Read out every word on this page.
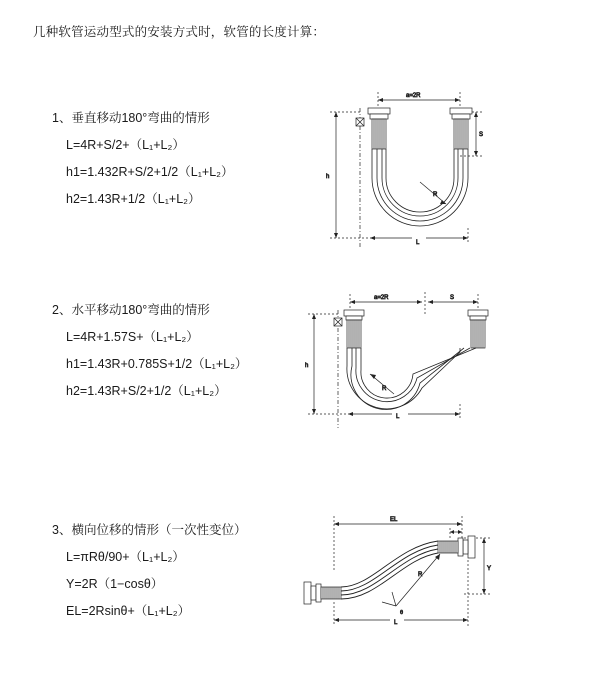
几种软管运动型式的安装方式时，软管的长度计算：
1、垂直移动180°弯曲的情形
L=4R+S/2+（L₁+L₂）
h1=1.432R+S/2+1/2（L₁+L₂）
h2=1.43R+1/2（L₁+L₂）
a=2R
S
h
R
L
2、水平移动180°弯曲的情形
L=4R+1.57S+（L₁+L₂）
h1=1.43R+0.785S+1/2（L₁+L₂）
h2=1.43R+S/2+1/2（L₁+L₂）
a=2R	S
h
R
L
3、横向位移的情形（一次性变位）
L=πRθ/90+（L₁+L₂）
Y=2R（1−cosθ）
EL=2Rsinθ+（L₁+L₂）
EL
Y
R
θ
L
